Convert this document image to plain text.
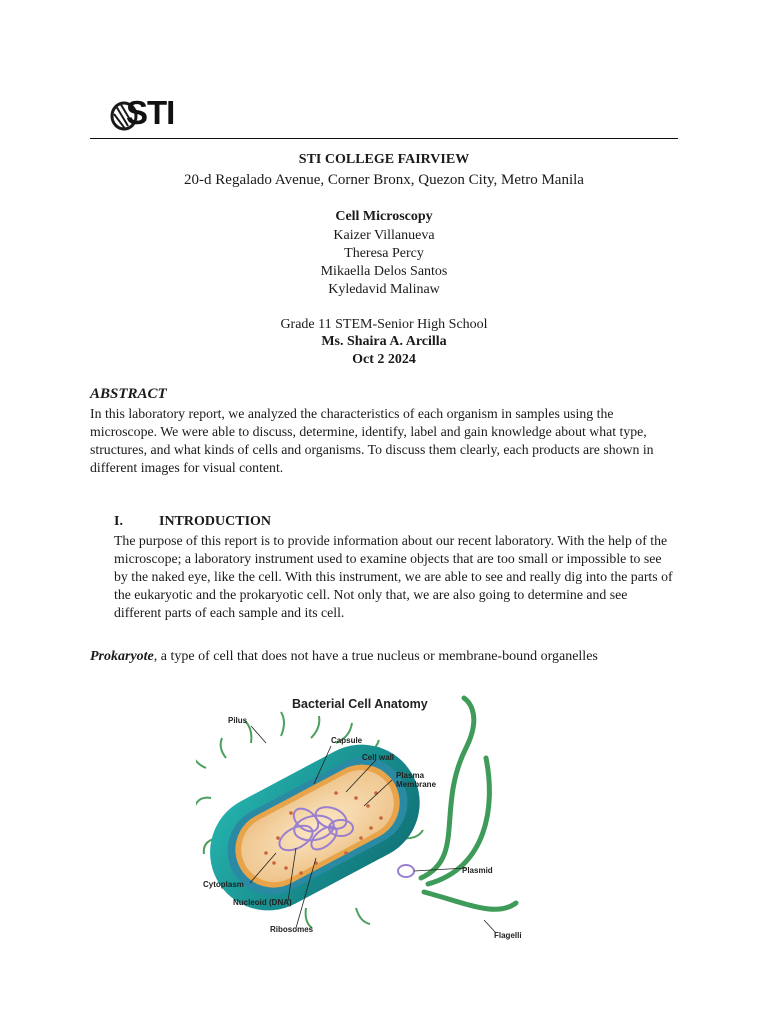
STI
STI COLLEGE FAIRVIEW
20-d Regalado Avenue, Corner Bronx, Quezon City, Metro Manila
Cell Microscopy
Kaizer Villanueva
Theresa Percy
Mikaella Delos Santos
Kyledavid Malinaw
Grade 11 STEM-Senior High School
Ms. Shaira A. Arcilla
Oct 2 2024
ABSTRACT
In this laboratory report, we analyzed the characteristics of each organism in samples using the
microscope. We were able to discuss, determine, identify, label and gain knowledge about what type,
structures, and what kinds of cells and organisms. To discuss them clearly, each products are shown in
different images for visual content.
I.	INTRODUCTION
The purpose of this report is to provide information about our recent laboratory. With the help of the
microscope; a laboratory instrument used to examine objects that are too small or impossible to see
by the naked eye, like the cell. With this instrument, we are able to see and really dig into the parts of
the eukaryotic and the prokaryotic cell. Not only that, we are also going to determine and see
different parts of each sample and its cell.
Prokaryote, a type of cell that does not have a true nucleus or membrane-bound organelles
Bacterial Cell Anatomy
Pilus
Capsule
Cell wall
Plasma
Membrane
Plasmid
Cytoplasm
Nucleoid (DNA)
Ribosomes
Flagelli
